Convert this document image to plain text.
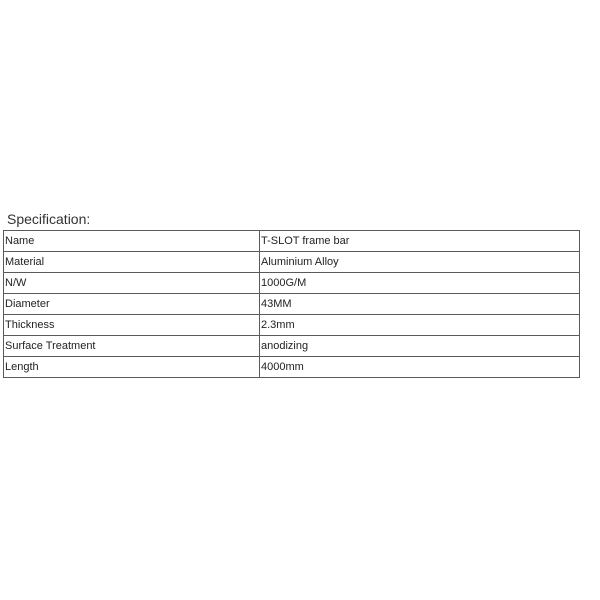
Specification:
Name	T-SLOT frame bar
Material	Aluminium Alloy
N/W	1000G/M
Diameter	43MM
Thickness	2.3mm
Surface Treatment	anodizing
Length	4000mm
